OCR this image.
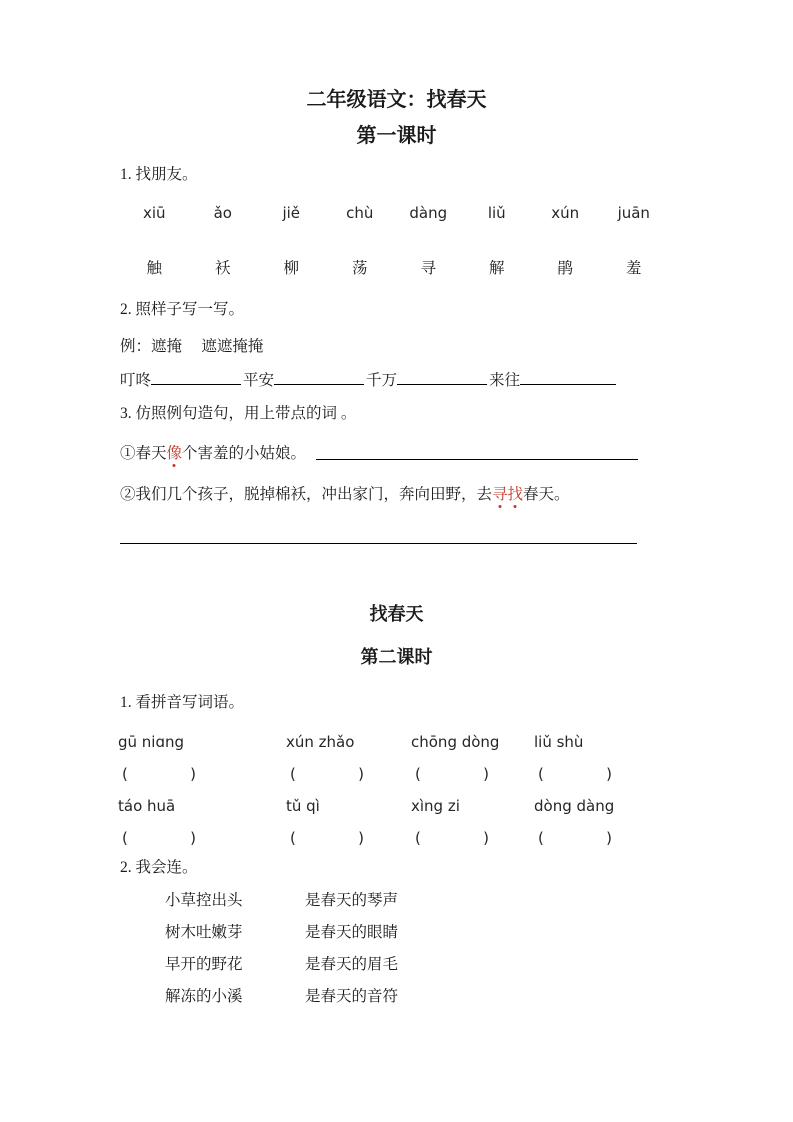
二年级语文：找春天
第一课时
1. 找朋友。
xiū	ǎo	jiě	chù	dàng	liǔ	xún	juān
触	袄	柳	荡	寻	解	鹃	羞
2. 照样子写一写。
例：遮掩　 遮遮掩掩
叮咚	平安	千万	来往
3. 仿照例句造句，用上带点的词 。
①春天像个害羞的小姑娘。
②我们几个孩子，脱掉棉袄，冲出家门，奔向田野，去寻找春天。
找春天
第二课时
1. 看拼音写词语。
gū niɑng	xún zhǎo	chōng dòng	liǔ shù
(	)	(	)	(	)	(	)
táo huā	tǔ qì	xìng zi	dòng dàng
(	)	(	)	(	)	(	)
2. 我会连。
小草控出头	是春天的琴声
树木吐嫩芽	是春天的眼睛
早开的野花	是春天的眉毛
解冻的小溪	是春天的音符
